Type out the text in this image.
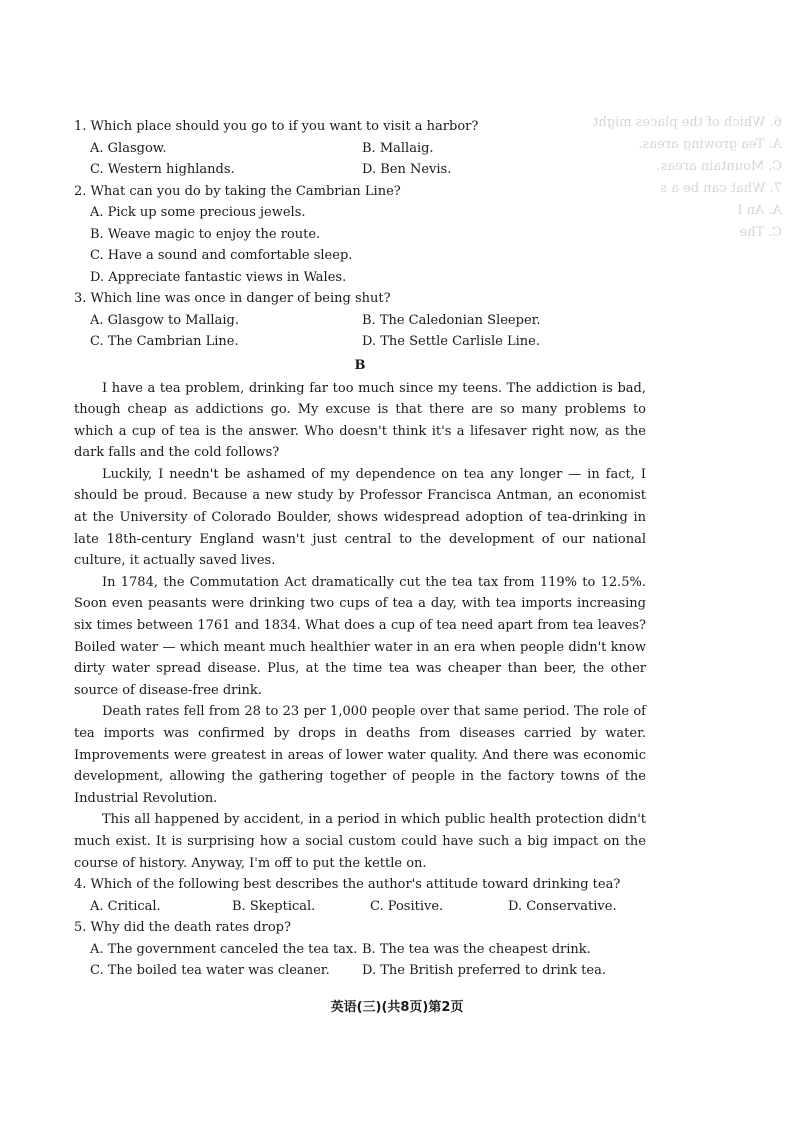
6. Which of the places might
A. Tea growing areas.
C. Mountain areas.
7. What can be a s
A. An I
C. The

1. Which place should you go to if you want to visit a harbor?

A. Glasgow.	B. Mallaig.
C. Western highlands.	D. Ben Nevis.

2. What can you do by taking the Cambrian Line?

A. Pick up some precious jewels.
B. Weave magic to enjoy the route.
C. Have a sound and comfortable sleep.
D. Appreciate fantastic views in Wales.

3. Which line was once in danger of being shut?

A. Glasgow to Mallaig.	B. The Caledonian Sleeper.
C. The Cambrian Line.	D. The Settle Carlisle Line.
B

I have a tea problem, drinking far too much since my teens. The addiction is bad, though cheap as addictions go. My excuse is that there are so many problems to which a cup of tea is the answer. Who doesn't think it's a lifesaver right now, as the dark falls and the cold follows?

Luckily, I needn't be ashamed of my dependence on tea any longer — in fact, I should be proud. Because a new study by Professor Francisca Antman, an economist at the University of Colorado Boulder, shows widespread adoption of tea-drinking in late 18th-century England wasn't just central to the development of our national culture, it actually saved lives.

In 1784, the Commutation Act dramatically cut the tea tax from 119% to 12.5%. Soon even peasants were drinking two cups of tea a day, with tea imports increasing six times between 1761 and 1834. What does a cup of tea need apart from tea leaves? Boiled water — which meant much healthier water in an era when people didn't know dirty water spread disease. Plus, at the time tea was cheaper than beer, the other source of disease-free drink.

Death rates fell from 28 to 23 per 1,000 people over that same period. The role of tea imports was confirmed by drops in deaths from diseases carried by water. Improvements were greatest in areas of lower water quality. And there was economic development, allowing the gathering together of people in the factory towns of the Industrial Revolution.

This all happened by accident, in a period in which public health protection didn't much exist. It is surprising how a social custom could have such a big impact on the course of history. Anyway, I'm off to put the kettle on.

4. Which of the following best describes the author's attitude toward drinking tea?

A. Critical.	B. Skeptical.	C. Positive.	D. Conservative.

5. Why did the death rates drop?

A. The government canceled the tea tax. B. The tea was the cheapest drink.
C. The boiled tea water was cleaner.	D. The British preferred to drink tea.
英语(三)(共8页)第2页
